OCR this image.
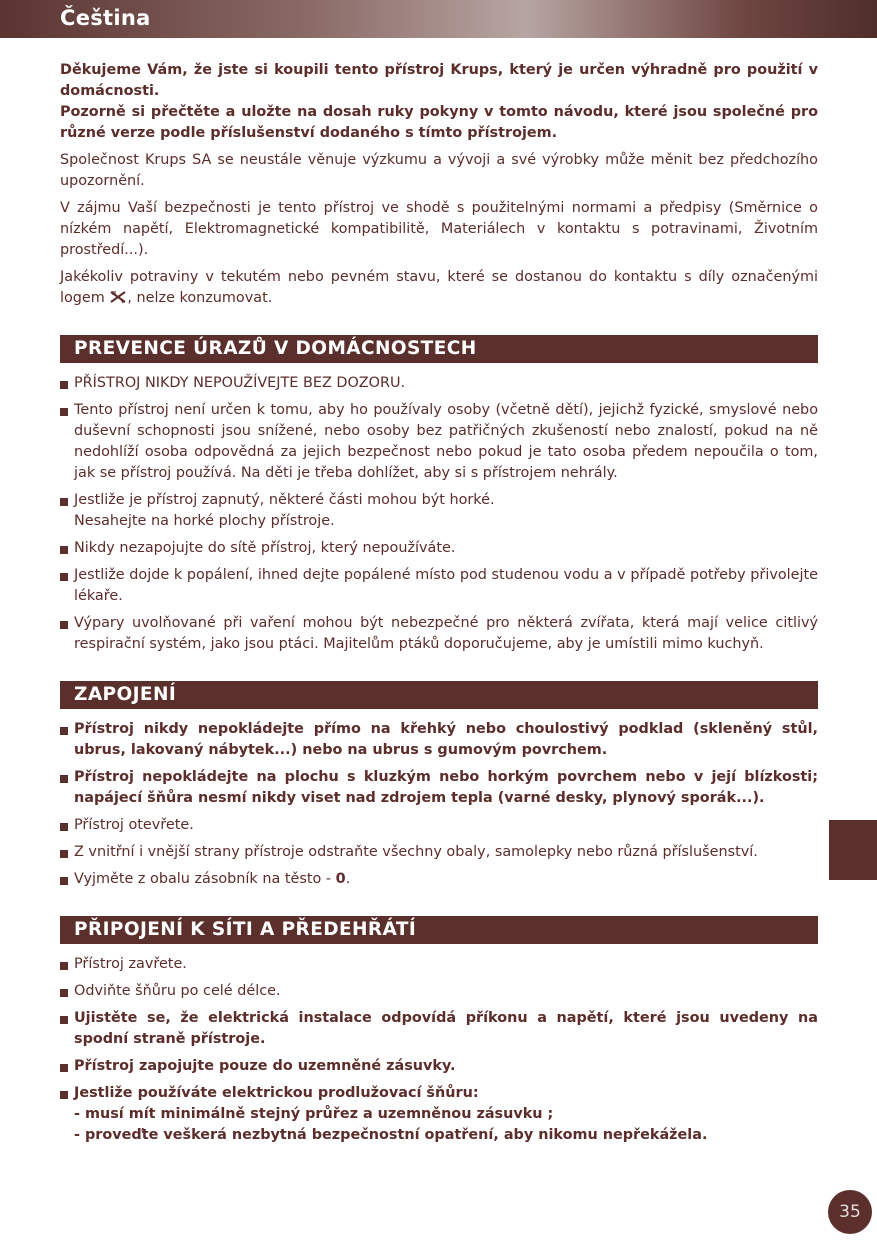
Čeština

Děkujeme Vám, že jste si koupili tento přístroj Krups, který je určen výhradně pro použití v domácnosti.

Pozorně si přečtěte a uložte na dosah ruky pokyny v tomto návodu, které jsou společné pro různé verze podle příslušenství dodaného s tímto přístrojem.

Společnost Krups SA se neustále věnuje výzkumu a vývoji a své výrobky může měnit bez předchozího upozornění.

V zájmu Vaší bezpečnosti je tento přístroj ve shodě s použitelnými normami a předpisy (Směrnice o nízkém napětí, Elektromagnetické kompatibilitě, Materiálech v kontaktu s potravinami, Životním prostředí...).

Jakékoliv potraviny v tekutém nebo pevném stavu, které se dostanou do kontaktu s díly označenými logem , nelze konzumovat.

PREVENCE ÚRAZŮ V DOMÁCNOSTECH
PŘÍSTROJ NIKDY NEPOUŽÍVEJTE BEZ DOZORU.
Tento přístroj není určen k tomu, aby ho používaly osoby (včetně dětí), jejichž fyzické, smyslové nebo duševní schopnosti jsou snížené, nebo osoby bez patřičných zkušeností nebo znalostí, pokud na ně nedohlíží osoba odpovědná za jejich bezpečnost nebo pokud je tato osoba předem nepoučila o tom, jak se přístroj používá. Na děti je třeba dohlížet, aby si s přístrojem nehrály.
Jestliže je přístroj zapnutý, některé části mohou být horké.
Nesahejte na horké plochy přístroje.
Nikdy nezapojujte do sítě přístroj, který nepoužíváte.
Jestliže dojde k popálení, ihned dejte popálené místo pod studenou vodu a v případě potřeby přivolejte lékaře.
Výpary uvolňované při vaření mohou být nebezpečné pro některá zvířata, která mají velice citlivý respirační systém, jako jsou ptáci. Majitelům ptáků doporučujeme, aby je umístili mimo kuchyň.
ZAPOJENÍ
Přístroj nikdy nepokládejte přímo na křehký nebo choulostivý podklad (skleněný stůl, ubrus, lakovaný nábytek...) nebo na ubrus s gumovým povrchem.
Přístroj nepokládejte na plochu s kluzkým nebo horkým povrchem nebo v její blízkosti; napájecí šňůra nesmí nikdy viset nad zdrojem tepla (varné desky, plynový sporák...).
Přístroj otevřete.
Z vnitřní i vnější strany přístroje odstraňte všechny obaly, samolepky nebo různá příslušenství.
Vyjměte z obalu zásobník na těsto - 0.
PŘIPOJENÍ K SÍTI A PŘEDEHŘÁTÍ
Přístroj zavřete.
Odviňte šňůru po celé délce.
Ujistěte se, že elektrická instalace odpovídá příkonu a napětí, které jsou uvedeny na spodní straně přístroje.
Přístroj zapojujte pouze do uzemněné zásuvky.
Jestliže používáte elektrickou prodlužovací šňůru:
- musí mít minimálně stejný průřez a uzemněnou zásuvku ;
- proveďte veškerá nezbytná bezpečnostní opatření, aby nikomu nepřekážela.
35
